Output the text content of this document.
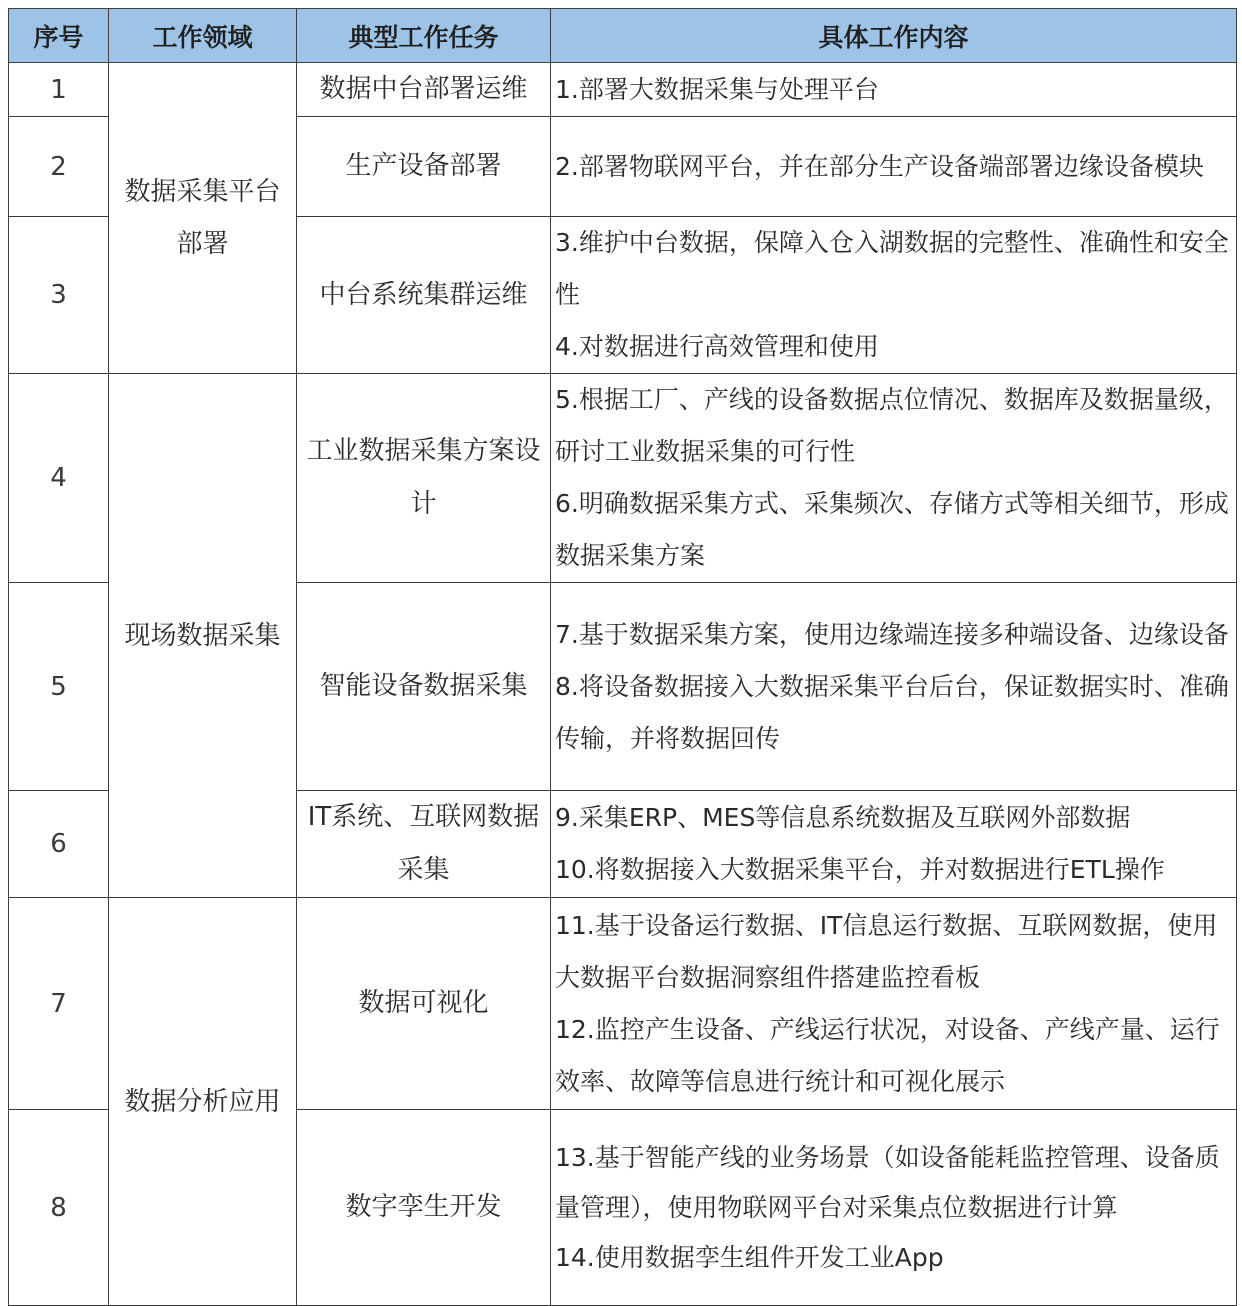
序号	工作领域	典型工作任务	具体工作内容
1	数据采集平台部署	数据中台部署运维	1.部署大数据采集与处理平台

2		生产设备部署	2.部署物联网平台，并在部分生产设备端部署边缘设备模块

3		中台系统集群运维	3.维护中台数据，保障入仓入湖数据的完整性、准确性和安全性
4.对数据进行高效管理和使用

4	现场数据采集	工业数据采集方案设计	5.根据工厂、产线的设备数据点位情况、数据库及数据量级，研讨工业数据采集的可行性
6.明确数据采集方式、采集频次、存储方式等相关细节，形成数据采集方案

5		智能设备数据采集	7.基于数据采集方案，使用边缘端连接多种端设备、边缘设备
8.将设备数据接入大数据采集平台后台，保证数据实时、准确传输，并将数据回传

6		IT系统、互联网数据采集	9.采集ERP、MES等信息系统数据及互联网外部数据
10.将数据接入大数据采集平台，并对数据进行ETL操作

7	数据分析应用	数据可视化	11.基于设备运行数据、IT信息运行数据、互联网数据，使用大数据平台数据洞察组件搭建监控看板
12.监控产生设备、产线运行状况，对设备、产线产量、运行效率、故障等信息进行统计和可视化展示

8		数字孪生开发	13.基于智能产线的业务场景（如设备能耗监控管理、设备质量管理），使用物联网平台对采集点位数据进行计算
14.使用数据孪生组件开发工业App
